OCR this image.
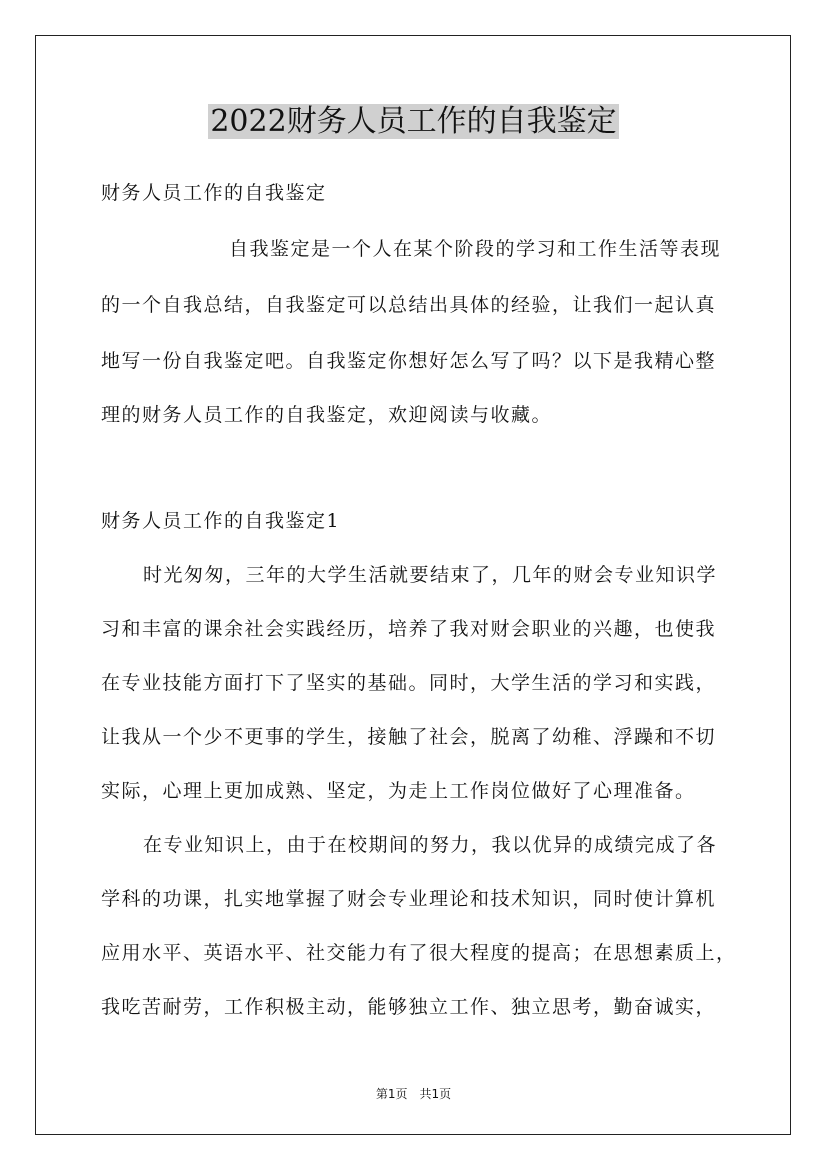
2022财务人员工作的自我鉴定
财务人员工作的自我鉴定
自我鉴定是一个人在某个阶段的学习和工作生活等表现
的一个自我总结，自我鉴定可以总结出具体的经验，让我们一起认真
地写一份自我鉴定吧。自我鉴定你想好怎么写了吗？以下是我精心整
理的财务人员工作的自我鉴定，欢迎阅读与收藏。
财务人员工作的自我鉴定1
时光匆匆，三年的大学生活就要结束了，几年的财会专业知识学
习和丰富的课余社会实践经历，培养了我对财会职业的兴趣，也使我
在专业技能方面打下了坚实的基础。同时，大学生活的学习和实践，
让我从一个少不更事的学生，接触了社会，脱离了幼稚、浮躁和不切
实际，心理上更加成熟、坚定，为走上工作岗位做好了心理准备。
在专业知识上，由于在校期间的努力，我以优异的成绩完成了各
学科的功课，扎实地掌握了财会专业理论和技术知识，同时使计算机
应用水平、英语水平、社交能力有了很大程度的提高；在思想素质上，
我吃苦耐劳，工作积极主动，能够独立工作、独立思考，勤奋诚实，
第1页　共1页
